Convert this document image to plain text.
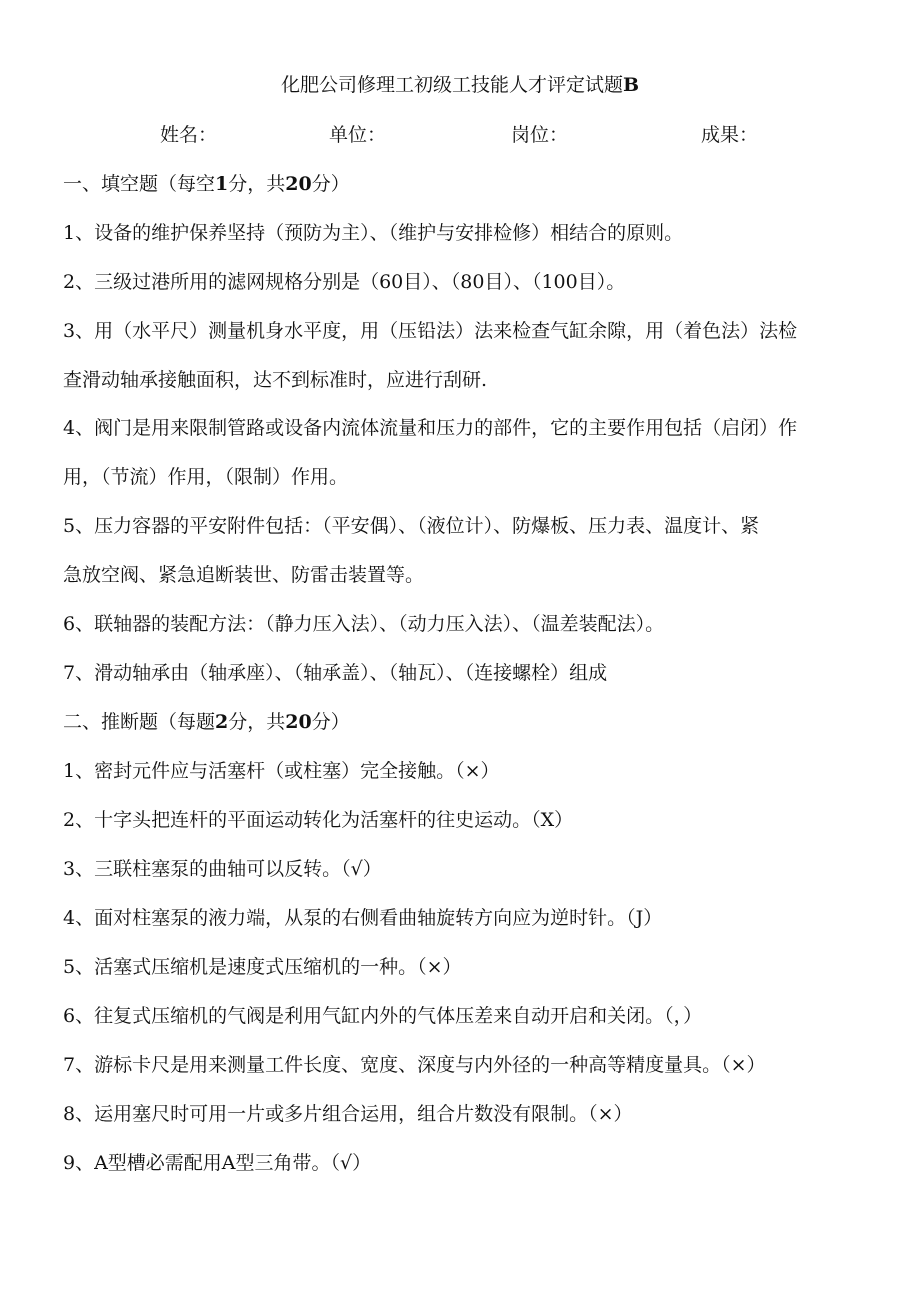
化肥公司修理工初级工技能人才评定试题B
姓名：	单位：	岗位：	成果：
一、填空题（每空1分，共20分）
1、设备的维护保养坚持（预防为主）、（维护与安排检修）相结合的原则。
2、三级过港所用的滤网规格分别是（60目）、（80目）、（100目）。
3、用（水平尺）测量机身水平度，用（压铅法）法来检查气缸余隙，用（着色法）法检
查滑动轴承接触面积，达不到标准时，应进行刮研.
4、阀门是用来限制管路或设备内流体流量和压力的部件，它的主要作用包括（启闭）作
用，（节流）作用，（限制）作用。
5、压力容器的平安附件包括：（平安偶）、（液位计）、防爆板、压力表、温度计、紧
急放空阀、紧急追断装世、防雷击装置等。
6、联轴器的装配方法：（静力压入法）、（动力压入法）、（温差装配法）。
7、滑动轴承由（轴承座）、（轴承盖）、（轴瓦）、（连接螺栓）组成
二、推断题（每题2分，共20分）
1、密封元件应与活塞杆（或柱塞）完全接触。（×）
2、十字头把连杆的平面运动转化为活塞杆的往史运动。（X）
3、三联柱塞泵的曲轴可以反转。（√）
4、面对柱塞泵的液力端，从泵的右侧看曲轴旋转方向应为逆时针。（J）
5、活塞式压缩机是速度式压缩机的一种。（×）
6、往复式压缩机的气阀是利用气缸内外的气体压差来自动开启和关闭。（，）
7、游标卡尺是用来测量工件长度、宽度、深度与内外径的一种高等精度量具。（×）
8、运用塞尺时可用一片或多片组合运用，组合片数没有限制。（×）
9、A型槽必需配用A型三角带。（√）
